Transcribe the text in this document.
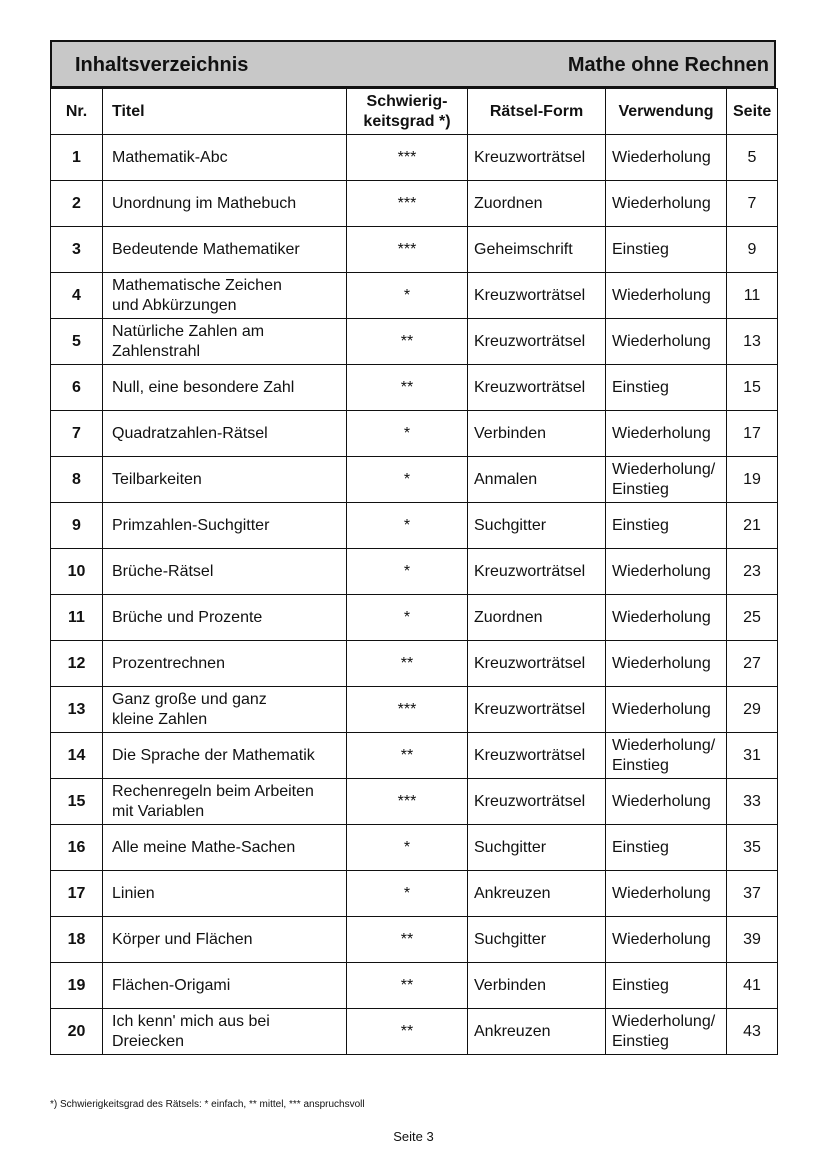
Inhaltsverzeichnis	Mathe ohne Rechnen
Nr.	Titel	Schwierig-
keitsgrad *)	Rätsel-Form	Verwendung	Seite
1	Mathematik-Abc	***	Kreuzworträtsel	Wiederholung	5
2	Unordnung im Mathebuch	***	Zuordnen	Wiederholung	7
3	Bedeutende Mathematiker	***	Geheimschrift	Einstieg	9
4	Mathematische Zeichen
und Abkürzungen	*	Kreuzworträtsel	Wiederholung	11
5	Natürliche Zahlen am
Zahlenstrahl	**	Kreuzworträtsel	Wiederholung	13
6	Null, eine besondere Zahl	**	Kreuzworträtsel	Einstieg	15
7	Quadratzahlen-Rätsel	*	Verbinden	Wiederholung	17
8	Teilbarkeiten	*	Anmalen	Wiederholung/
Einstieg	19
9	Primzahlen-Suchgitter	*	Suchgitter	Einstieg	21
10	Brüche-Rätsel	*	Kreuzworträtsel	Wiederholung	23
11	Brüche und Prozente	*	Zuordnen	Wiederholung	25
12	Prozentrechnen	**	Kreuzworträtsel	Wiederholung	27
13	Ganz große und ganz
kleine Zahlen	***	Kreuzworträtsel	Wiederholung	29
14	Die Sprache der Mathematik	**	Kreuzworträtsel	Wiederholung/
Einstieg	31
15	Rechenregeln beim Arbeiten
mit Variablen	***	Kreuzworträtsel	Wiederholung	33
16	Alle meine Mathe-Sachen	*	Suchgitter	Einstieg	35
17	Linien	*	Ankreuzen	Wiederholung	37
18	Körper und Flächen	**	Suchgitter	Wiederholung	39
19	Flächen-Origami	**	Verbinden	Einstieg	41
20	Ich kenn' mich aus bei
Dreiecken	**	Ankreuzen	Wiederholung/
Einstieg	43
*) Schwierigkeitsgrad des Rätsels: * einfach, ** mittel, *** anspruchsvoll
Seite 3
